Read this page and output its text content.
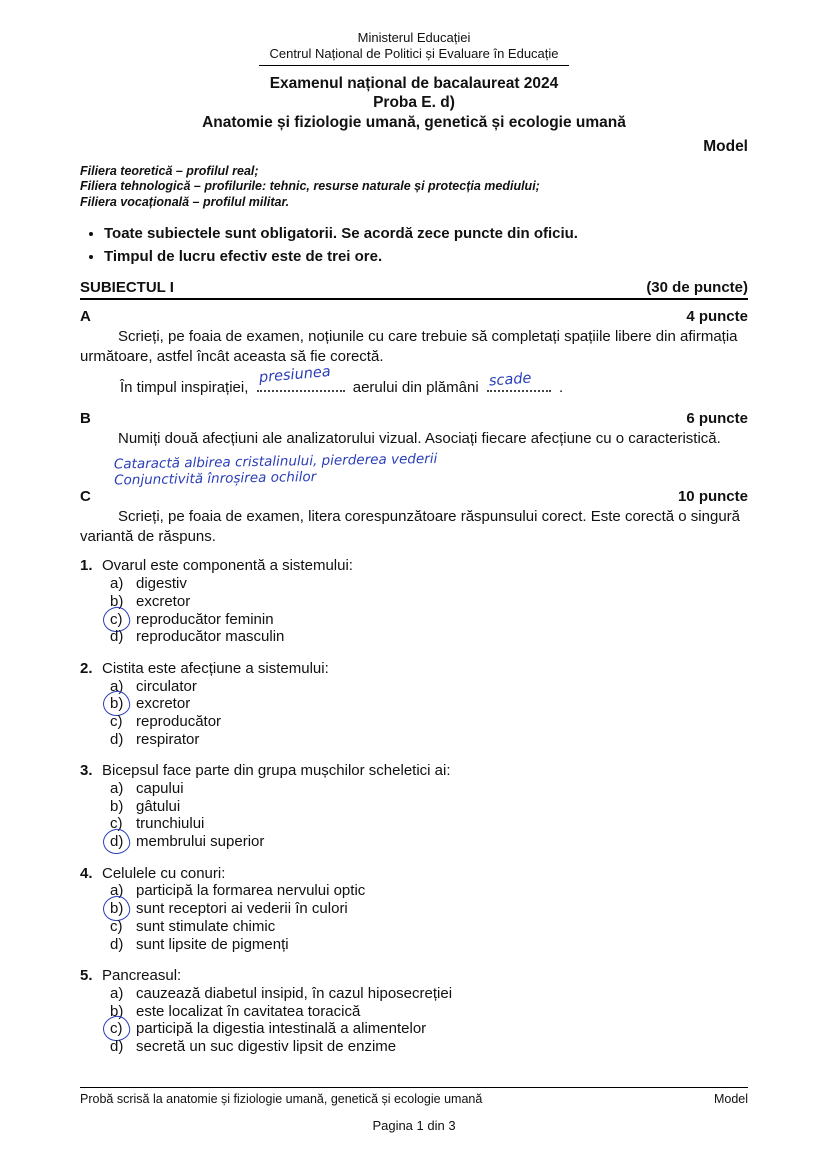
Ministerul Educației
Centrul Național de Politici și Evaluare în Educație
Examenul național de bacalaureat 2024
Proba E. d)
Anatomie și fiziologie umană, genetică și ecologie umană
Model
Filiera teoretică – profilul real;
Filiera tehnologică – profilurile: tehnic, resurse naturale și protecția mediului;
Filiera vocațională – profilul militar.
• Toate subiectele sunt obligatorii. Se acordă zece puncte din oficiu.
• Timpul de lucru efectiv este de trei ore.
SUBIECTUL I	(30 de puncte)
A	4 puncte
Scrieți, pe foaia de examen, noțiunile cu care trebuie să completați spațiile libere din afirmația următoare, astfel încât aceasta să fie corectă.
În timpul inspirației,
presiunea
aerului din plămâni scade .
B	6 puncte
Numiți două afecțiuni ale analizatorului vizual. Asociați fiecare afecțiune cu o caracteristică.
Cataractă albirea cristalinului, pierderea vederii
Conjunctivită înroșirea ochilor
C	10 puncte
Scrieți, pe foaia de examen, litera corespunzătoare răspunsului corect. Este corectă o singură variantă de răspuns.
1. Ovarul este componentă a sistemului:
a) digestiv
b) excretor
c) reproducător feminin
d) reproducător masculin
2. Cistita este afecțiune a sistemului:
a) circulator
b) excretor
c) reproducător
d) respirator
3. Bicepsul face parte din grupa mușchilor scheletici ai:
a) capului
b) gâtului
c) trunchiului
d) membrului superior
4. Celulele cu conuri:
a) participă la formarea nervului optic
b) sunt receptori ai vederii în culori
c) sunt stimulate chimic
d) sunt lipsite de pigmenți
5. Pancreasul:
a) cauzează diabetul insipid, în cazul hiposecreției
b) este localizat în cavitatea toracică
c) participă la digestia intestinală a alimentelor
d) secretă un suc digestiv lipsit de enzime
Probă scrisă la anatomie și fiziologie umană, genetică și ecologie umană	Model
Pagina 1 din 3
